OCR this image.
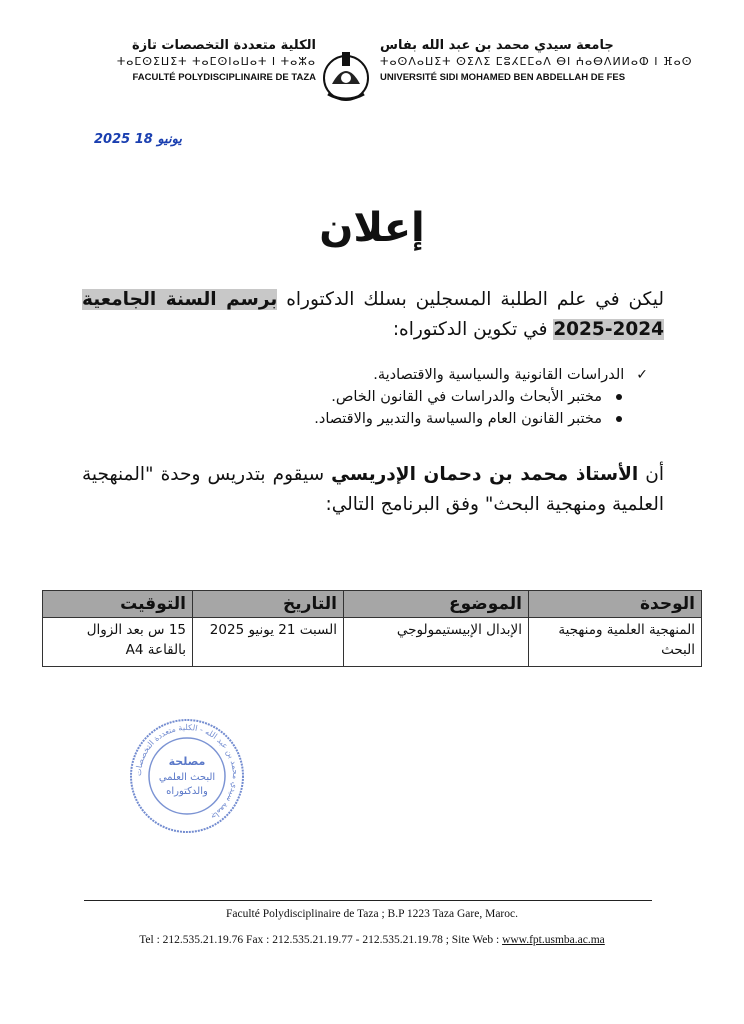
جامعة سيدي محمد بن عبد الله بفاس
ⵜⴰⵙⴷⴰⵡⵉⵜ ⵙⵉⴷⵉ ⵎⵓⵃⵎⵎⴰⴷ ⴱⵏ ⵄⴰⴱⴷⵍⵍⴰⵀ ⵏ ⴼⴰⵙ
UNIVERSITÉ SIDI MOHAMED BEN ABDELLAH DE FES
الكلية متعددة التخصصات تازة
ⵜⴰⵎⵙⵉⵡⵉⵜ ⵜⴰⵎⵙⵏⴰⵡⴰⵜ ⵏ ⵜⴰⵣⴰ
FACULTÉ POLYDISCIPLINAIRE DE TAZA
2025 يونيو 18
إعلان
ليكن في علم الطلبة المسجلين بسلك الدكتوراه برسم السنة الجامعية 2024-2025 في تكوين الدكتوراه:
✓
الدراسات القانونية والسياسية والاقتصادية.
مختبر الأبحاث والدراسات في القانون الخاص.
مختبر القانون العام والسياسة والتدبير والاقتصاد.
أن الأستاذ محمد بن دحمان الإدريسي سيقوم بتدريس وحدة "المنهجية العلمية ومنهجية البحث" وفق البرنامج التالي:
الوحدة	الموضوع	التاريخ	التوقيت
المنهجية العلمية ومنهجية البحث	الإبدال الإبيستيمولوجي	السبت 21 يونيو 2025	15 س بعد الزوال بالقاعة A4
جامعة سيدي محمد بن عبد الله - الكلية متعددة التخصصات
مصلحة
البحث العلمي
والدكتوراه
Faculté Polydisciplinaire de Taza ; B.P 1223 Taza Gare, Maroc.
Tel : 212.535.21.19.76 Fax : 212.535.21.19.77 - 212.535.21.19.78 ; Site Web : www.fpt.usmba.ac.ma
